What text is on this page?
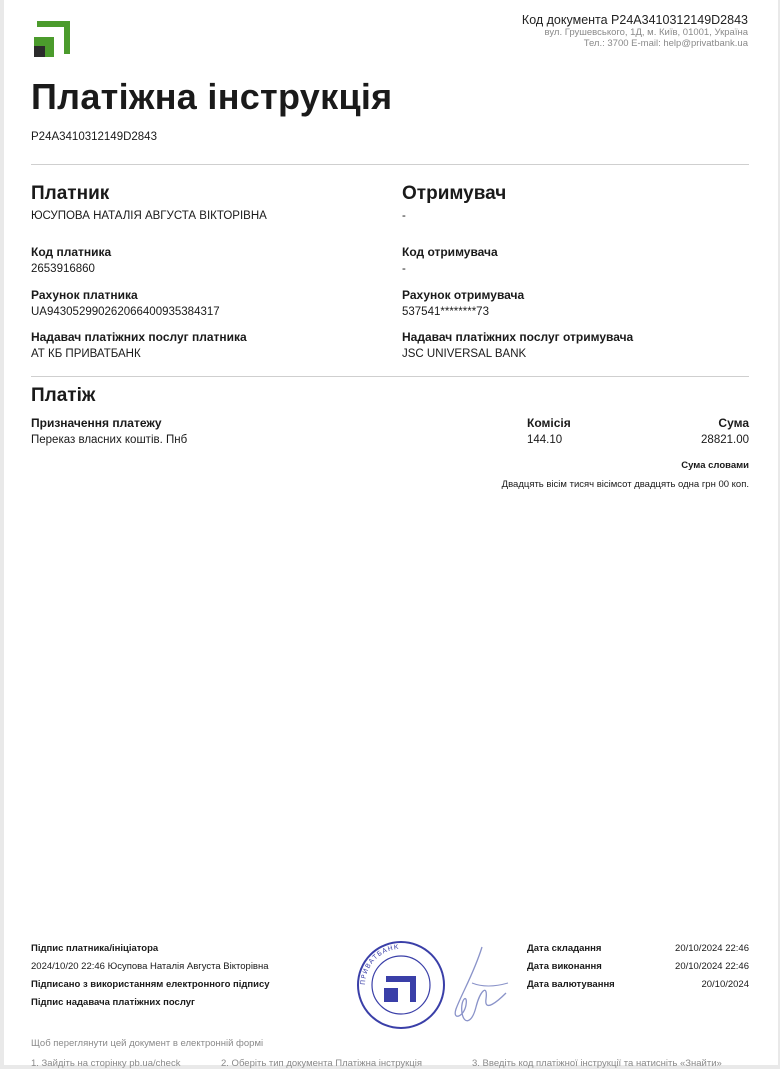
Код документа P24A3410312149D2843
вул. Грушевського, 1Д, м. Київ, 01001, Україна
Тел.: 3700 E-mail: help@privatbank.ua
Платіжна інструкція
P24A3410312149D2843
Платник
ЮСУПОВА НАТАЛІЯ АВГУСТА ВІКТОРІВНА
Код платника
2653916860
Рахунок платника
UA943052990262066400935384317
Надавач платіжних послуг платника
АТ КБ ПРИВАТБАНК
Отримувач
-
Код отримувача
-
Рахунок отримувача
537541********73
Надавач платіжних послуг отримувача
JSC UNIVERSAL BANK
Платіж
Призначення платежу
Переказ власних коштів. Пнб
Комісія
144.10
Сума
28821.00
Сума словами
Двадцять вісім тисяч вісімсот двадцять одна грн 00 коп.
Підпис платника/ініціатора
2024/10/20 22:46 Юсупова Наталія Августа Вікторівна
Підписано з використанням електронного підпису
Підпис надавача платіжних послуг
ПРИВАТБАНК	Дата складання	20/10/2024 22:46
Дата виконання	20/10/2024 22:46
Дата валютування	20/10/2024
Щоб переглянути цей документ в електронній формі
1. Зайдіть на сторінку pb.ua/check	2. Оберіть тип документа Платіжна інструкція	3. Введіть код платіжної інструкції та натисніть «Знайти»
